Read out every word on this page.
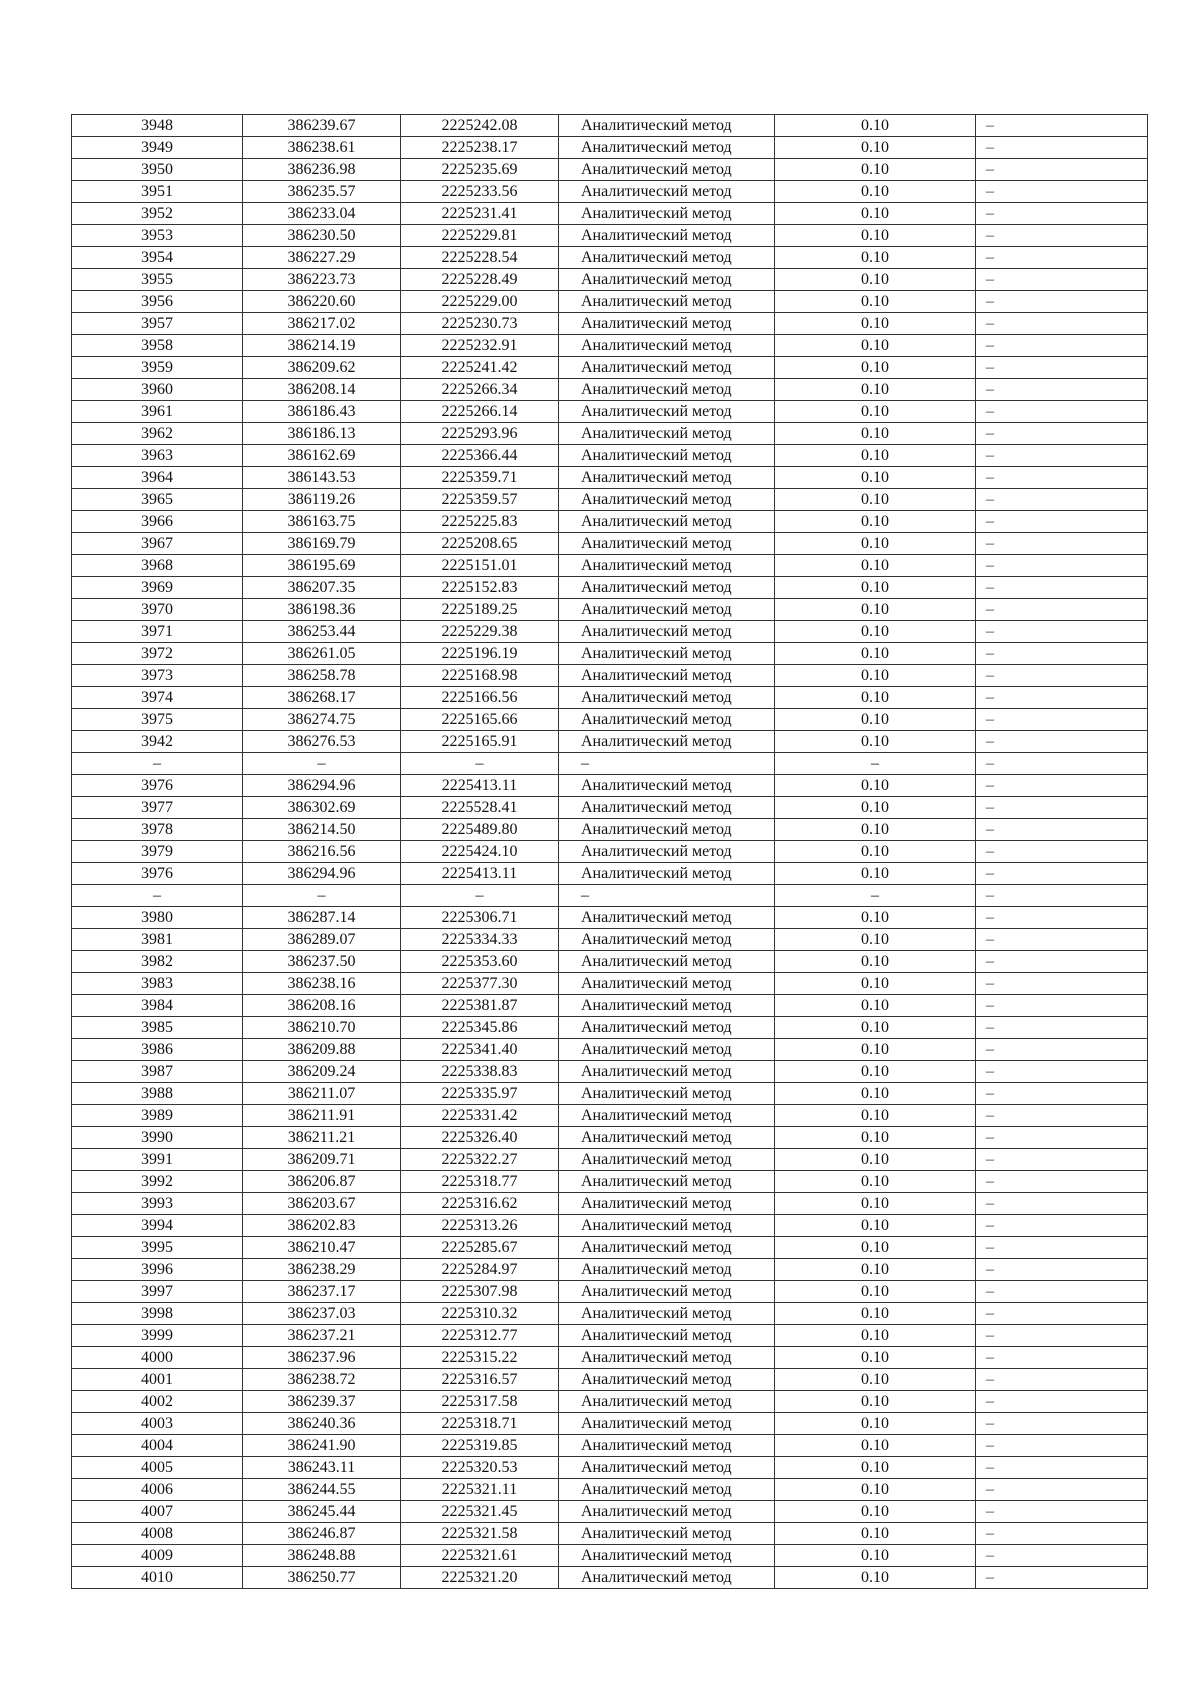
3948	386239.67	2225242.08	Аналитический метод	0.10	–
3949	386238.61	2225238.17	Аналитический метод	0.10	–
3950	386236.98	2225235.69	Аналитический метод	0.10	–
3951	386235.57	2225233.56	Аналитический метод	0.10	–
3952	386233.04	2225231.41	Аналитический метод	0.10	–
3953	386230.50	2225229.81	Аналитический метод	0.10	–
3954	386227.29	2225228.54	Аналитический метод	0.10	–
3955	386223.73	2225228.49	Аналитический метод	0.10	–
3956	386220.60	2225229.00	Аналитический метод	0.10	–
3957	386217.02	2225230.73	Аналитический метод	0.10	–
3958	386214.19	2225232.91	Аналитический метод	0.10	–
3959	386209.62	2225241.42	Аналитический метод	0.10	–
3960	386208.14	2225266.34	Аналитический метод	0.10	–
3961	386186.43	2225266.14	Аналитический метод	0.10	–
3962	386186.13	2225293.96	Аналитический метод	0.10	–
3963	386162.69	2225366.44	Аналитический метод	0.10	–
3964	386143.53	2225359.71	Аналитический метод	0.10	–
3965	386119.26	2225359.57	Аналитический метод	0.10	–
3966	386163.75	2225225.83	Аналитический метод	0.10	–
3967	386169.79	2225208.65	Аналитический метод	0.10	–
3968	386195.69	2225151.01	Аналитический метод	0.10	–
3969	386207.35	2225152.83	Аналитический метод	0.10	–
3970	386198.36	2225189.25	Аналитический метод	0.10	–
3971	386253.44	2225229.38	Аналитический метод	0.10	–
3972	386261.05	2225196.19	Аналитический метод	0.10	–
3973	386258.78	2225168.98	Аналитический метод	0.10	–
3974	386268.17	2225166.56	Аналитический метод	0.10	–
3975	386274.75	2225165.66	Аналитический метод	0.10	–
3942	386276.53	2225165.91	Аналитический метод	0.10	–
–	–	–	–	–	–
3976	386294.96	2225413.11	Аналитический метод	0.10	–
3977	386302.69	2225528.41	Аналитический метод	0.10	–
3978	386214.50	2225489.80	Аналитический метод	0.10	–
3979	386216.56	2225424.10	Аналитический метод	0.10	–
3976	386294.96	2225413.11	Аналитический метод	0.10	–
–	–	–	–	–	–
3980	386287.14	2225306.71	Аналитический метод	0.10	–
3981	386289.07	2225334.33	Аналитический метод	0.10	–
3982	386237.50	2225353.60	Аналитический метод	0.10	–
3983	386238.16	2225377.30	Аналитический метод	0.10	–
3984	386208.16	2225381.87	Аналитический метод	0.10	–
3985	386210.70	2225345.86	Аналитический метод	0.10	–
3986	386209.88	2225341.40	Аналитический метод	0.10	–
3987	386209.24	2225338.83	Аналитический метод	0.10	–
3988	386211.07	2225335.97	Аналитический метод	0.10	–
3989	386211.91	2225331.42	Аналитический метод	0.10	–
3990	386211.21	2225326.40	Аналитический метод	0.10	–
3991	386209.71	2225322.27	Аналитический метод	0.10	–
3992	386206.87	2225318.77	Аналитический метод	0.10	–
3993	386203.67	2225316.62	Аналитический метод	0.10	–
3994	386202.83	2225313.26	Аналитический метод	0.10	–
3995	386210.47	2225285.67	Аналитический метод	0.10	–
3996	386238.29	2225284.97	Аналитический метод	0.10	–
3997	386237.17	2225307.98	Аналитический метод	0.10	–
3998	386237.03	2225310.32	Аналитический метод	0.10	–
3999	386237.21	2225312.77	Аналитический метод	0.10	–
4000	386237.96	2225315.22	Аналитический метод	0.10	–
4001	386238.72	2225316.57	Аналитический метод	0.10	–
4002	386239.37	2225317.58	Аналитический метод	0.10	–
4003	386240.36	2225318.71	Аналитический метод	0.10	–
4004	386241.90	2225319.85	Аналитический метод	0.10	–
4005	386243.11	2225320.53	Аналитический метод	0.10	–
4006	386244.55	2225321.11	Аналитический метод	0.10	–
4007	386245.44	2225321.45	Аналитический метод	0.10	–
4008	386246.87	2225321.58	Аналитический метод	0.10	–
4009	386248.88	2225321.61	Аналитический метод	0.10	–
4010	386250.77	2225321.20	Аналитический метод	0.10	–
